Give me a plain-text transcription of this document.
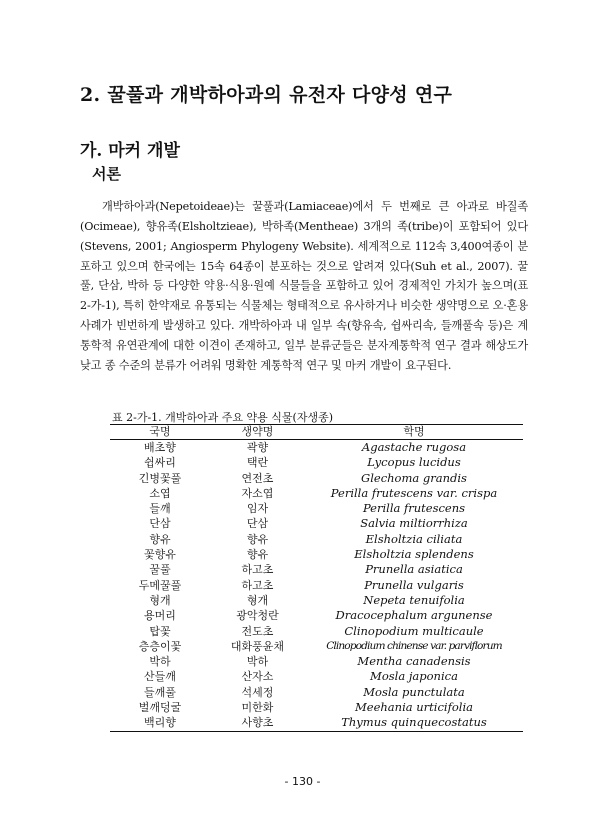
2. 꿀풀과 개박하아과의 유전자 다양성 연구
가. 마커 개발
서론

개박하아과(Nepetoideae)는 꿀풀과(Lamiaceae)에서 두 번째로 큰 아과로 바질족(Ocimeae), 향유족(Elsholtzieae), 박하족(Mentheae) 3개의 족(tribe)이 포함되어 있다(Stevens, 2001; Angiosperm Phylogeny Website). 세계적으로 112속 3,400여종이 분포하고 있으며 한국에는 15속 64종이 분포하는 것으로 알려져 있다(Suh et al., 2007). 꿀풀, 단삼, 박하 등 다양한 약용·식용·원예 식물들을 포함하고 있어 경제적인 가치가 높으며(표 2-가-1), 특히 한약재로 유통되는 식물체는 형태적으로 유사하거나 비슷한 생약명으로 오·혼용 사례가 빈번하게 발생하고 있다. 개박하아과 내 일부 속(향유속, 쉽싸리속, 들깨풀속 등)은 계통학적 유연관계에 대한 이견이 존재하고, 일부 분류군들은 분자계통학적 연구 결과 해상도가 낮고 종 수준의 분류가 어려워 명확한 계통학적 연구 및 마커 개발이 요구된다.

표 2-가-1. 개박하아과 주요 약용 식물(자생종)
국명	생약명	학명
배초향	곽향	Agastache rugosa
쉽싸리	택란	Lycopus lucidus
긴병꽃풀	연전초	Glechoma grandis
소엽	자소엽	Perilla frutescens var. crispa
들깨	임자	Perilla frutescens
단삼	단삼	Salvia miltiorrhiza
향유	향유	Elsholtzia ciliata
꽃향유	향유	Elsholtzia splendens
꿀풀	하고초	Prunella asiatica
두메꿀풀	하고초	Prunella vulgaris
형개	형개	Nepeta tenuifolia
용머리	광악청란	Dracocephalum argunense
탑꽃	전도초	Clinopodium multicaule
층층이꽃	대화풍윤채	Clinopodium chinense var. parviflorum
박하	박하	Mentha canadensis
산들깨	산자소	Mosla japonica
들깨풀	석세정	Mosla punctulata
벌깨덩굴	미한화	Meehania urticifolia
백리향	사향초	Thymus quinquecostatus
- 130 -
